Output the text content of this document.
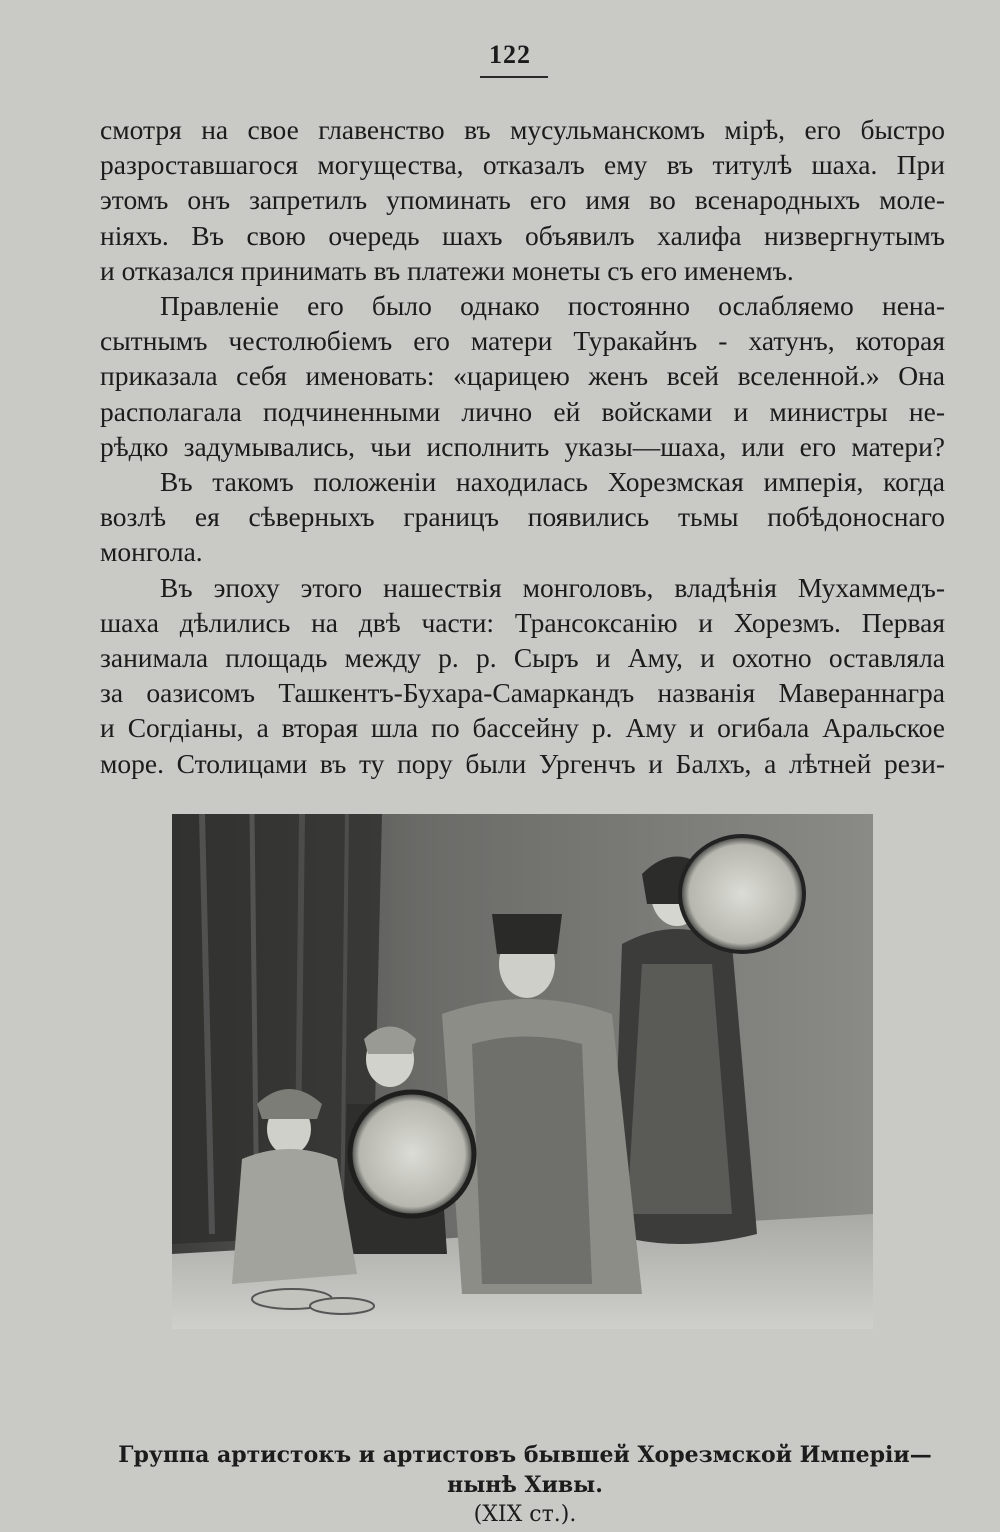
122

смотря на свое главенство въ мусульманскомъ мiрѣ, его быстро
разроставшагося могущества, отказалъ ему въ титулѣ шаха. При
этомъ онъ запретилъ упоминать его имя во всенародныхъ моле-
нiяхъ. Въ свою очередь шахъ объявилъ халифа низвергнутымъ
и отказался принимать въ платежи монеты съ его именемъ.

Правленiе его было однако постоянно ослабляемо нена-
сытнымъ честолюбiемъ его матери Туракайнъ - хатунъ, которая
приказала себя именовать: «царицею женъ всей вселенной.» Она
располагала подчиненными лично ей войсками и министры не-
рѣдко задумывались, чьи исполнить указы—шаха, или его матери?

Въ такомъ положенiи находилась Хорезмская имперiя, когда
возлѣ ея сѣверныхъ границъ появились тьмы побѣдоноснаго
монгола.

Въ эпоху этого нашествiя монголовъ, владѣнiя Мухаммедъ-
шаха дѣлились на двѣ части: Трансоксанiю и Хорезмъ. Первая
занимала площадь между р. р. Сыръ и Аму, и охотно оставляла
за оазисомъ Ташкентъ-Бухара-Самаркандъ названiя Мавераннагра
и Согдiаны, а вторая шла по бассейну р. Аму и огибала Аральское
море. Столицами въ ту пору были Ургенчъ и Балхъ, а лѣтней рези-

Группа артистокъ и артистовъ бывшей Хорезмской Имперiи—нынѣ Хивы.
(XIX ст.).
